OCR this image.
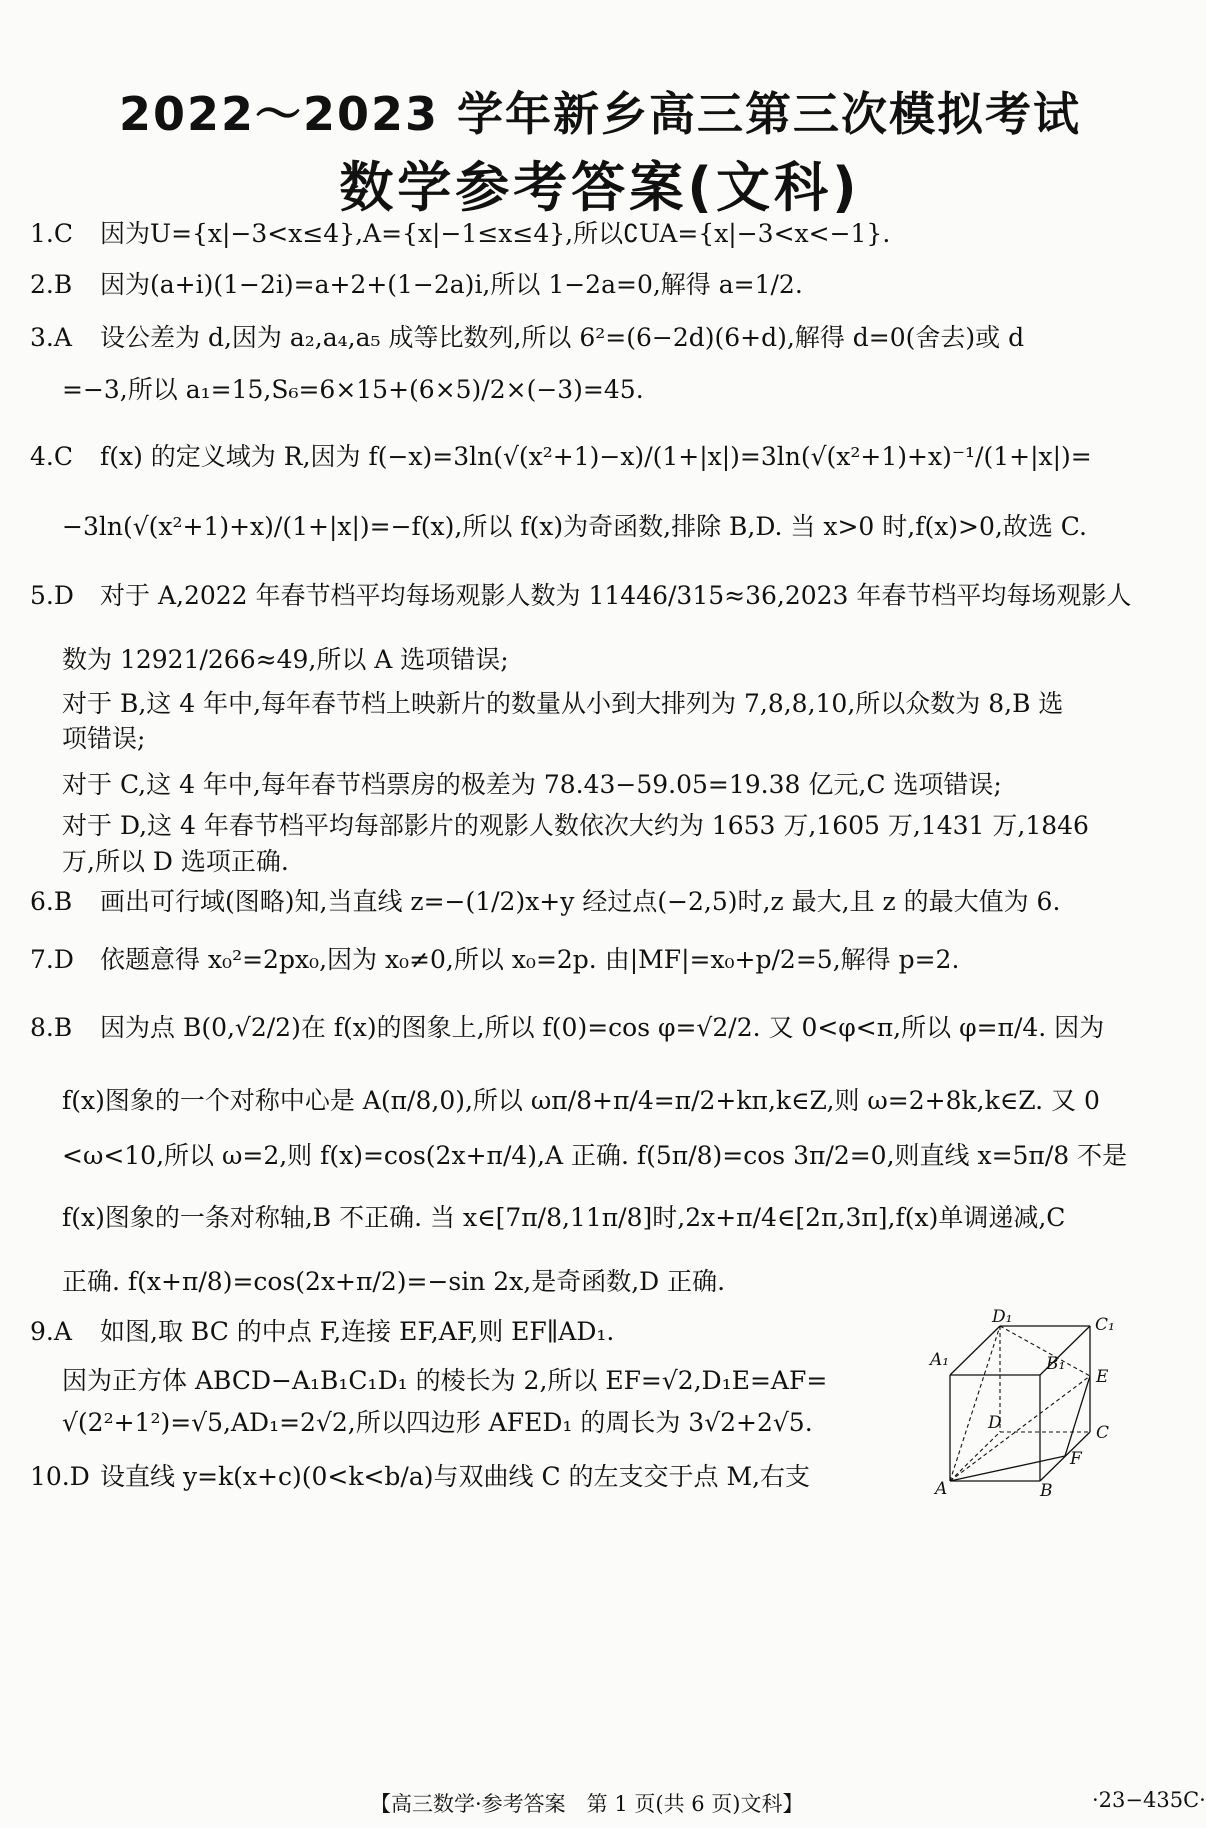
2022～2023 学年新乡高三第三次模拟考试
数学参考答案(文科)
1.C 因为U={x|−3<x≤4},A={x|−1≤x≤4},所以∁UA={x|−3<x<−1}.
2.B 因为(a+i)(1−2i)=a+2+(1−2a)i,所以 1−2a=0,解得 a=1/2.
3.A 设公差为 d,因为 a₂,a₄,a₅ 成等比数列,所以 6²=(6−2d)(6+d),解得 d=0(舍去)或 d
=−3,所以 a₁=15,S₆=6×15+(6×5)/2×(−3)=45.
4.C f(x) 的定义域为 R,因为 f(−x)=3ln(√(x²+1)−x)/(1+|x|)=3ln(√(x²+1)+x)⁻¹/(1+|x|)=
−3ln(√(x²+1)+x)/(1+|x|)=−f(x),所以 f(x)为奇函数,排除 B,D. 当 x>0 时,f(x)>0,故选 C.
5.D 对于 A,2022 年春节档平均每场观影人数为 11446/315≈36,2023 年春节档平均每场观影人
数为 12921/266≈49,所以 A 选项错误;
对于 B,这 4 年中,每年春节档上映新片的数量从小到大排列为 7,8,8,10,所以众数为 8,B 选
项错误;
对于 C,这 4 年中,每年春节档票房的极差为 78.43−59.05=19.38 亿元,C 选项错误;
对于 D,这 4 年春节档平均每部影片的观影人数依次大约为 1653 万,1605 万,1431 万,1846
万,所以 D 选项正确.
6.B 画出可行域(图略)知,当直线 z=−(1/2)x+y 经过点(−2,5)时,z 最大,且 z 的最大值为 6.
7.D 依题意得 x₀²=2px₀,因为 x₀≠0,所以 x₀=2p. 由|MF|=x₀+p/2=5,解得 p=2.
8.B 因为点 B(0,√2/2)在 f(x)的图象上,所以 f(0)=cos φ=√2/2. 又 0<φ<π,所以 φ=π/4. 因为
f(x)图象的一个对称中心是 A(π/8,0),所以 ωπ/8+π/4=π/2+kπ,k∈Z,则 ω=2+8k,k∈Z. 又 0
<ω<10,所以 ω=2,则 f(x)=cos(2x+π/4),A 正确. f(5π/8)=cos 3π/2=0,则直线 x=5π/8 不是
f(x)图象的一条对称轴,B 不正确. 当 x∈[7π/8,11π/8]时,2x+π/4∈[2π,3π],f(x)单调递减,C
正确. f(x+π/8)=cos(2x+π/2)=−sin 2x,是奇函数,D 正确.
9.A 如图,取 BC 的中点 F,连接 EF,AF,则 EF∥AD₁.
因为正方体 ABCD−A₁B₁C₁D₁ 的棱长为 2,所以 EF=√2,D₁E=AF=
√(2²+1²)=√5,AD₁=2√2,所以四边形 AFED₁ 的周长为 3√2+2√5.
10.D 设直线 y=k(x+c)(0<k<b/a)与双曲线 C 的左支交于点 M,右支
D₁	C₁
A₁	B₁
E
D	C
F
A	B
【高三数学·参考答案　第 1 页(共 6 页)文科】	·23−435C·
